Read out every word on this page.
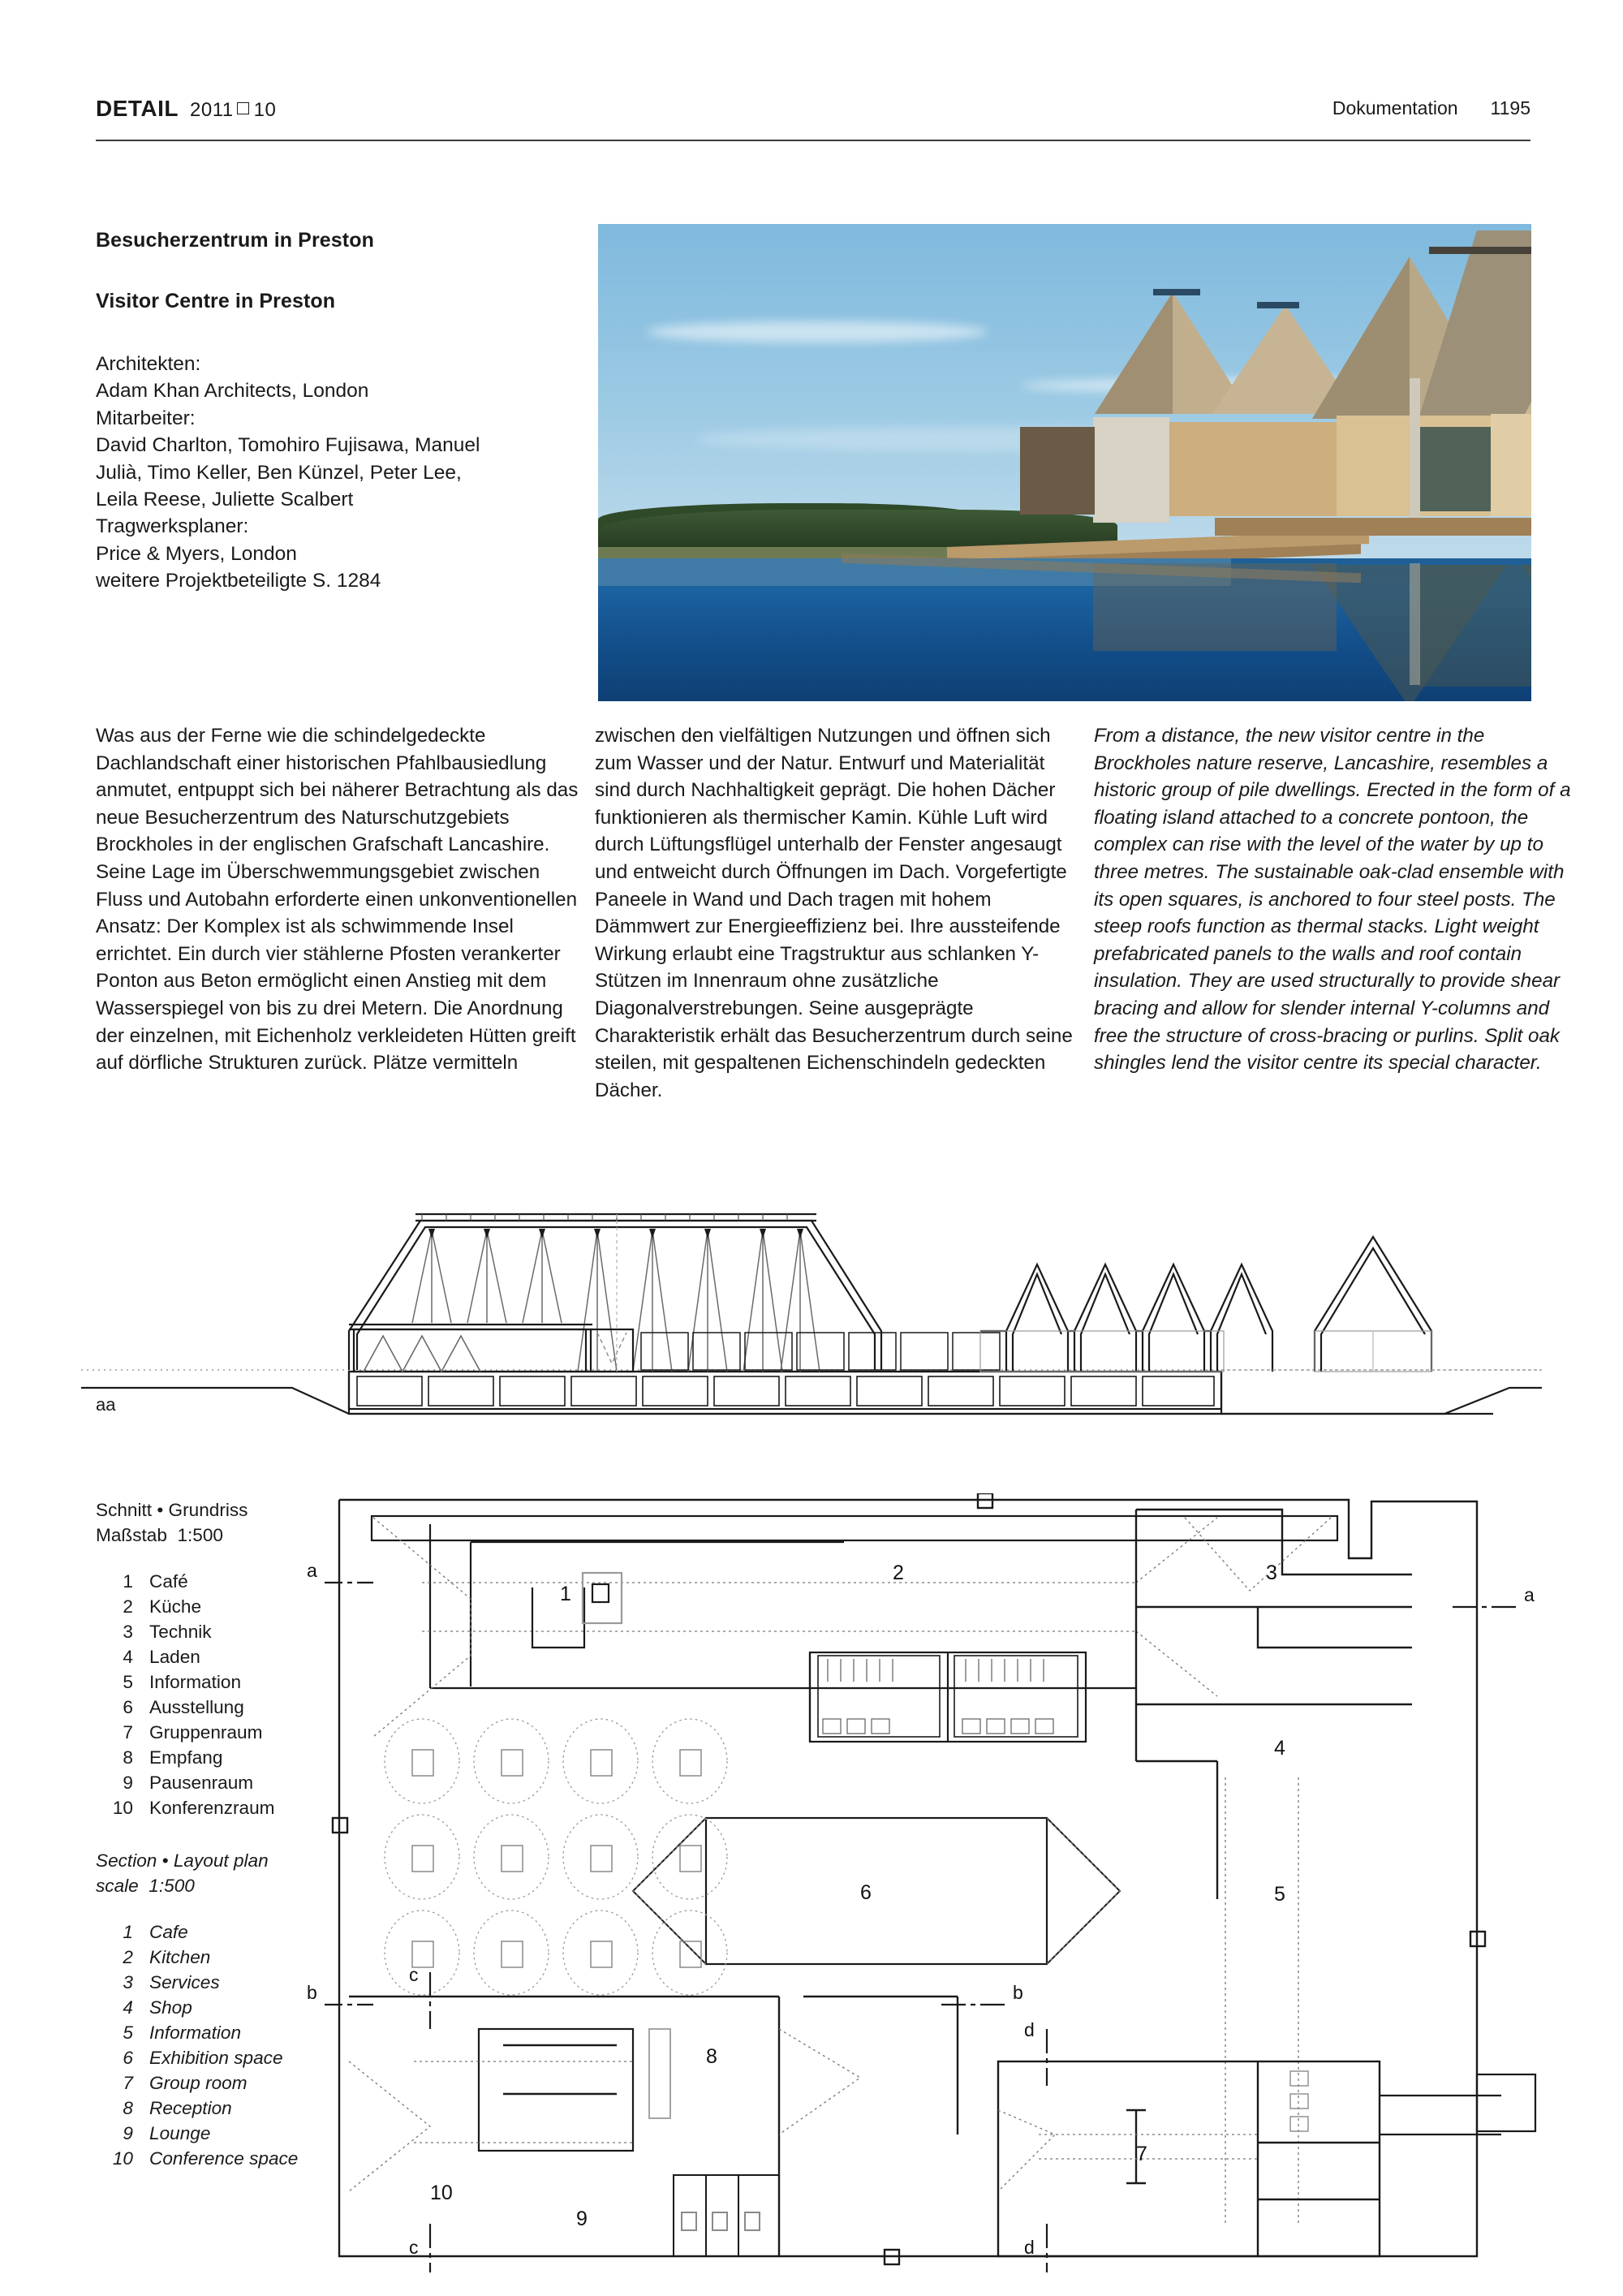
DETAIL 2011 10	Dokumentation 1195
Besucherzentrum in Preston
Visitor Centre in Preston
Architekten:
Adam Khan Architects, London
Mitarbeiter:
David Charlton, Tomohiro Fujisawa, Manuel
Julià, Timo Keller, Ben Künzel, Peter Lee,
Leila Reese, Juliette Scalbert
Tragwerksplaner:
Price & Myers, London
weitere Projektbeteiligte S. 1284
Was aus der Ferne wie die schindelgedeckte Dachlandschaft einer historischen Pfahlbausiedlung anmutet, entpuppt sich bei näherer Betrachtung als das neue Besucherzentrum des Naturschutzgebiets Brockholes in der englischen Grafschaft Lancashire. Seine Lage im Überschwemmungsgebiet zwischen Fluss und Autobahn erforderte einen unkonventionellen Ansatz: Der Komplex ist als schwimmende Insel errichtet. Ein durch vier stählerne Pfosten verankerter Ponton aus Beton ermöglicht einen Anstieg mit dem Wasserspiegel von bis zu drei Metern. Die Anordnung der einzelnen, mit Eichenholz verkleideten Hütten greift auf dörfliche Strukturen zurück. Plätze vermitteln
zwischen den vielfältigen Nutzungen und öffnen sich zum Wasser und der Natur. Entwurf und Materialität sind durch Nachhaltigkeit geprägt. Die hohen Dächer funktionieren als thermischer Kamin. Kühle Luft wird durch Lüftungsflügel unterhalb der Fenster angesaugt und entweicht durch Öffnungen im Dach. Vorgefertigte Paneele in Wand und Dach tragen mit hohem Dämmwert zur Energieeffizienz bei. Ihre aussteifende Wirkung erlaubt eine Tragstruktur aus schlanken Y-Stützen im Innenraum ohne zusätzliche Diagonalverstrebungen. Seine ausgeprägte Charakteristik erhält das Besucherzentrum durch seine steilen, mit gespaltenen Eichenschindeln gedeckten Dächer.
From a distance, the new visitor centre in the Brockholes nature reserve, Lancashire, resembles a historic group of pile dwellings. Erected in the form of a floating island attached to a concrete pontoon, the complex can rise with the level of the water by up to three metres. The sustainable oak-clad ensemble with its open squares, is anchored to four steel posts. The steep roofs function as thermal stacks. Light weight prefabricated panels to the walls and roof contain insulation. They are used structurally to provide shear bracing and allow for slender internal Y-columns and free the structure of cross-bracing or purlins. Split oak shingles lend the visitor centre its special character.
aa
Schnitt • Grundriss
Maßstab  1:500
1 Café
2 Küche
3 Technik
4 Laden
5 Information
6 Ausstellung
7 Gruppenraum
8 Empfang
9 Pausenraum
10 Konferenzraum
Section • Layout plan
scale  1:500
1 Cafe
2 Kitchen
3 Services
4 Shop
5 Information
6 Exhibition space
7 Group room
8 Reception
9 Lounge
10 Conference space
1
2	3
4
5
6
7
8
9
10
a
a
b	b
c
c
d
d
